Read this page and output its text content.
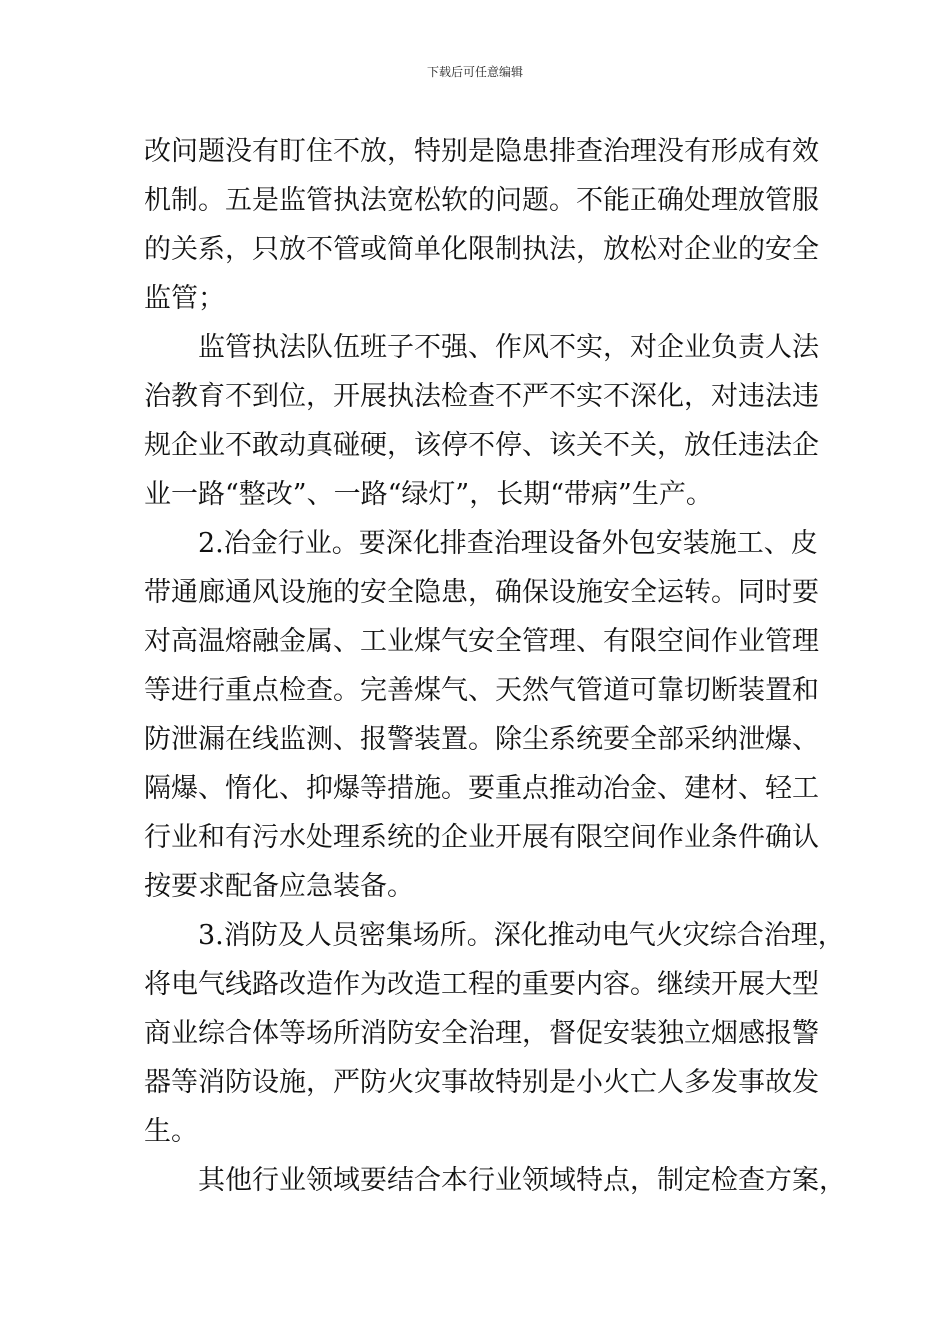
下载后可任意编辑
改问题没有盯住不放，特别是隐患排查治理没有形成有效
机制。五是监管执法宽松软的问题。不能正确处理放管服
的关系，只放不管或简单化限制执法，放松对企业的安全
监管；
监管执法队伍班子不强、作风不实，对企业负责人法
治教育不到位，开展执法检查不严不实不深化，对违法违
规企业不敢动真碰硬，该停不停、该关不关，放任违法企
业一路“整改”、一路“绿灯”，长期“带病”生产。
2.冶金行业。要深化排查治理设备外包安装施工、皮
带通廊通风设施的安全隐患，确保设施安全运转。同时要
对高温熔融金属、工业煤气安全管理、有限空间作业管理
等进行重点检查。完善煤气、天然气管道可靠切断装置和
防泄漏在线监测、报警装置。除尘系统要全部采纳泄爆、
隔爆、惰化、抑爆等措施。要重点推动冶金、建材、轻工
行业和有污水处理系统的企业开展有限空间作业条件确认
按要求配备应急装备。
3.消防及人员密集场所。深化推动电气火灾综合治理，
将电气线路改造作为改造工程的重要内容。继续开展大型
商业综合体等场所消防安全治理，督促安装独立烟感报警
器等消防设施，严防火灾事故特别是小火亡人多发事故发
生。
其他行业领域要结合本行业领域特点，制定检查方案，
